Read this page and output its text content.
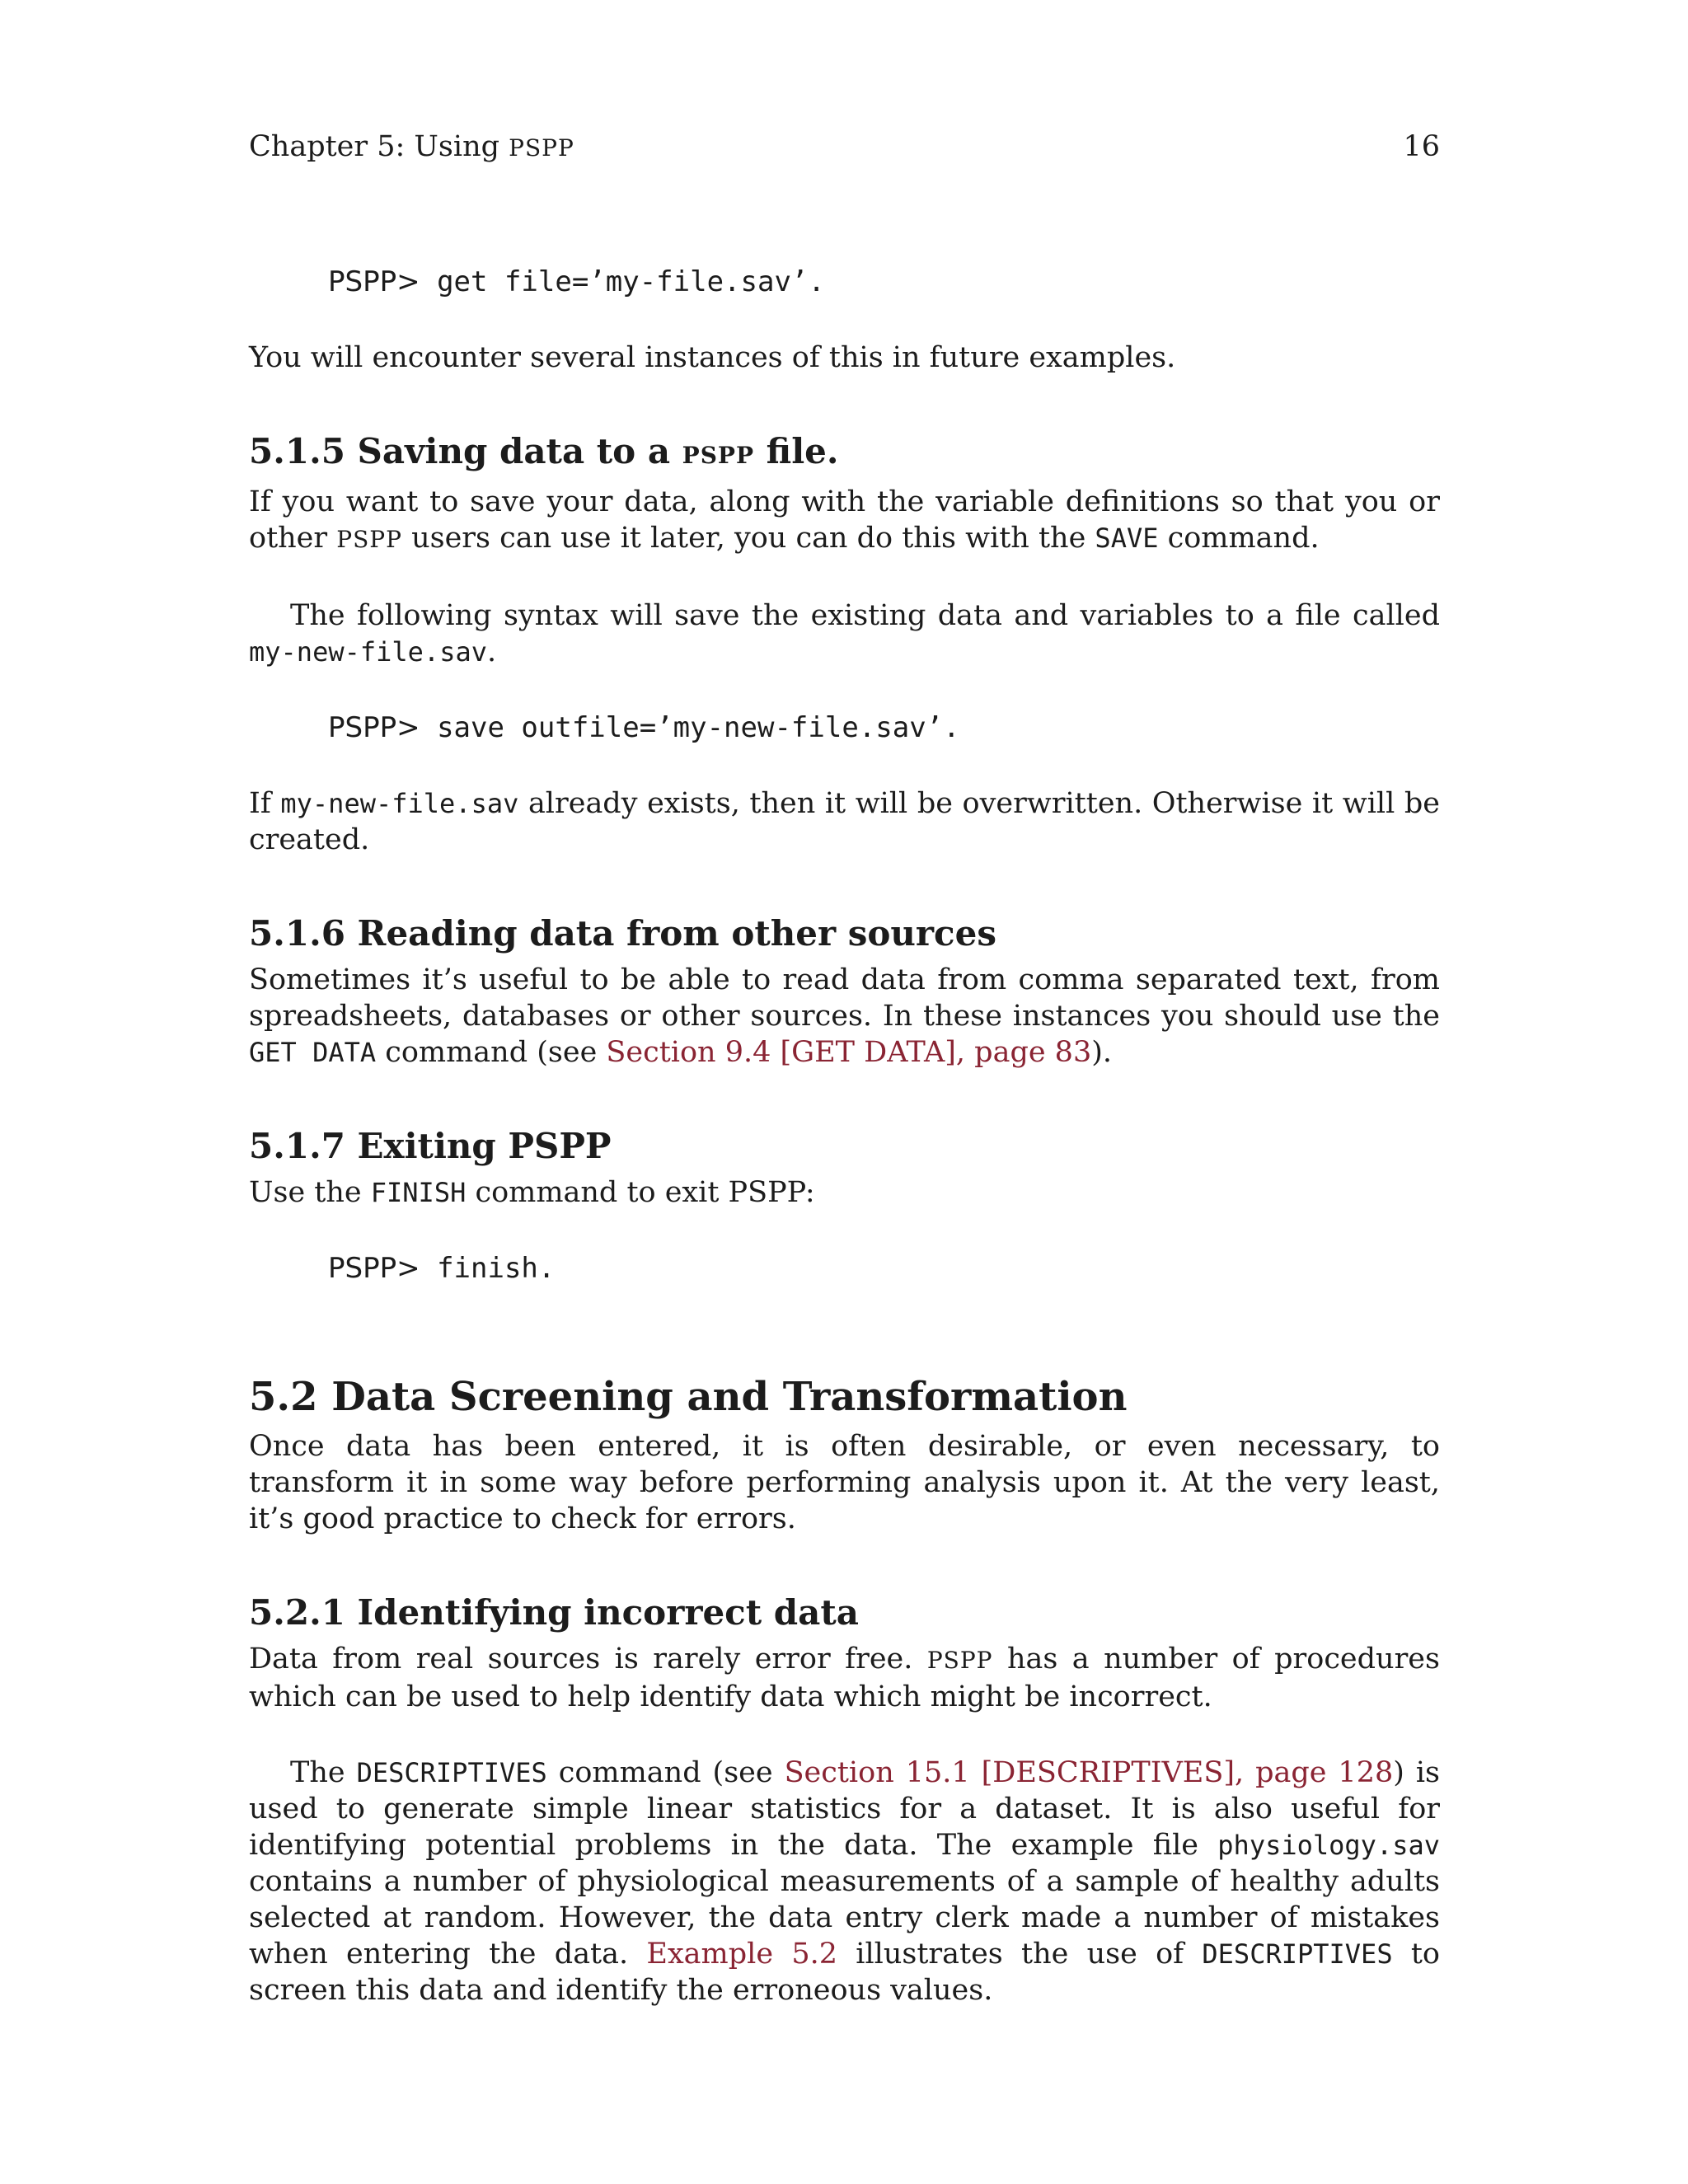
Chapter 5: Using PSPP	16
PSPP> get file=’my-file.sav’.

You will encounter several instances of this in future examples.

5.1.5 Saving data to a PSPP file.

If you want to save your data, along with the variable definitions so that you or other PSPP users can use it later, you can do this with the SAVE command.

The following syntax will save the existing data and variables to a file called my-new-file.sav.

PSPP> save outfile=’my-new-file.sav’.

If my-new-file.sav already exists, then it will be overwritten. Otherwise it will be created.

5.1.6 Reading data from other sources

Sometimes it’s useful to be able to read data from comma separated text, from spreadsheets, databases or other sources. In these instances you should use the GET DATA command (see Section 9.4 [GET DATA], page 83).

5.1.7 Exiting PSPP

Use the FINISH command to exit PSPP:

PSPP> finish.
5.2 Data Screening and Transformation

Once data has been entered, it is often desirable, or even necessary, to transform it in some way before performing analysis upon it. At the very least, it’s good practice to check for errors.

5.2.1 Identifying incorrect data

Data from real sources is rarely error free. PSPP has a number of procedures which can be used to help identify data which might be incorrect.

The DESCRIPTIVES command (see Section 15.1 [DESCRIPTIVES], page 128) is used to generate simple linear statistics for a dataset. It is also useful for identifying potential problems in the data. The example file physiology.sav contains a number of physiological measurements of a sample of healthy adults selected at random. However, the data entry clerk made a number of mistakes when entering the data. Example 5.2 illustrates the use of DESCRIPTIVES to screen this data and identify the erroneous values.
